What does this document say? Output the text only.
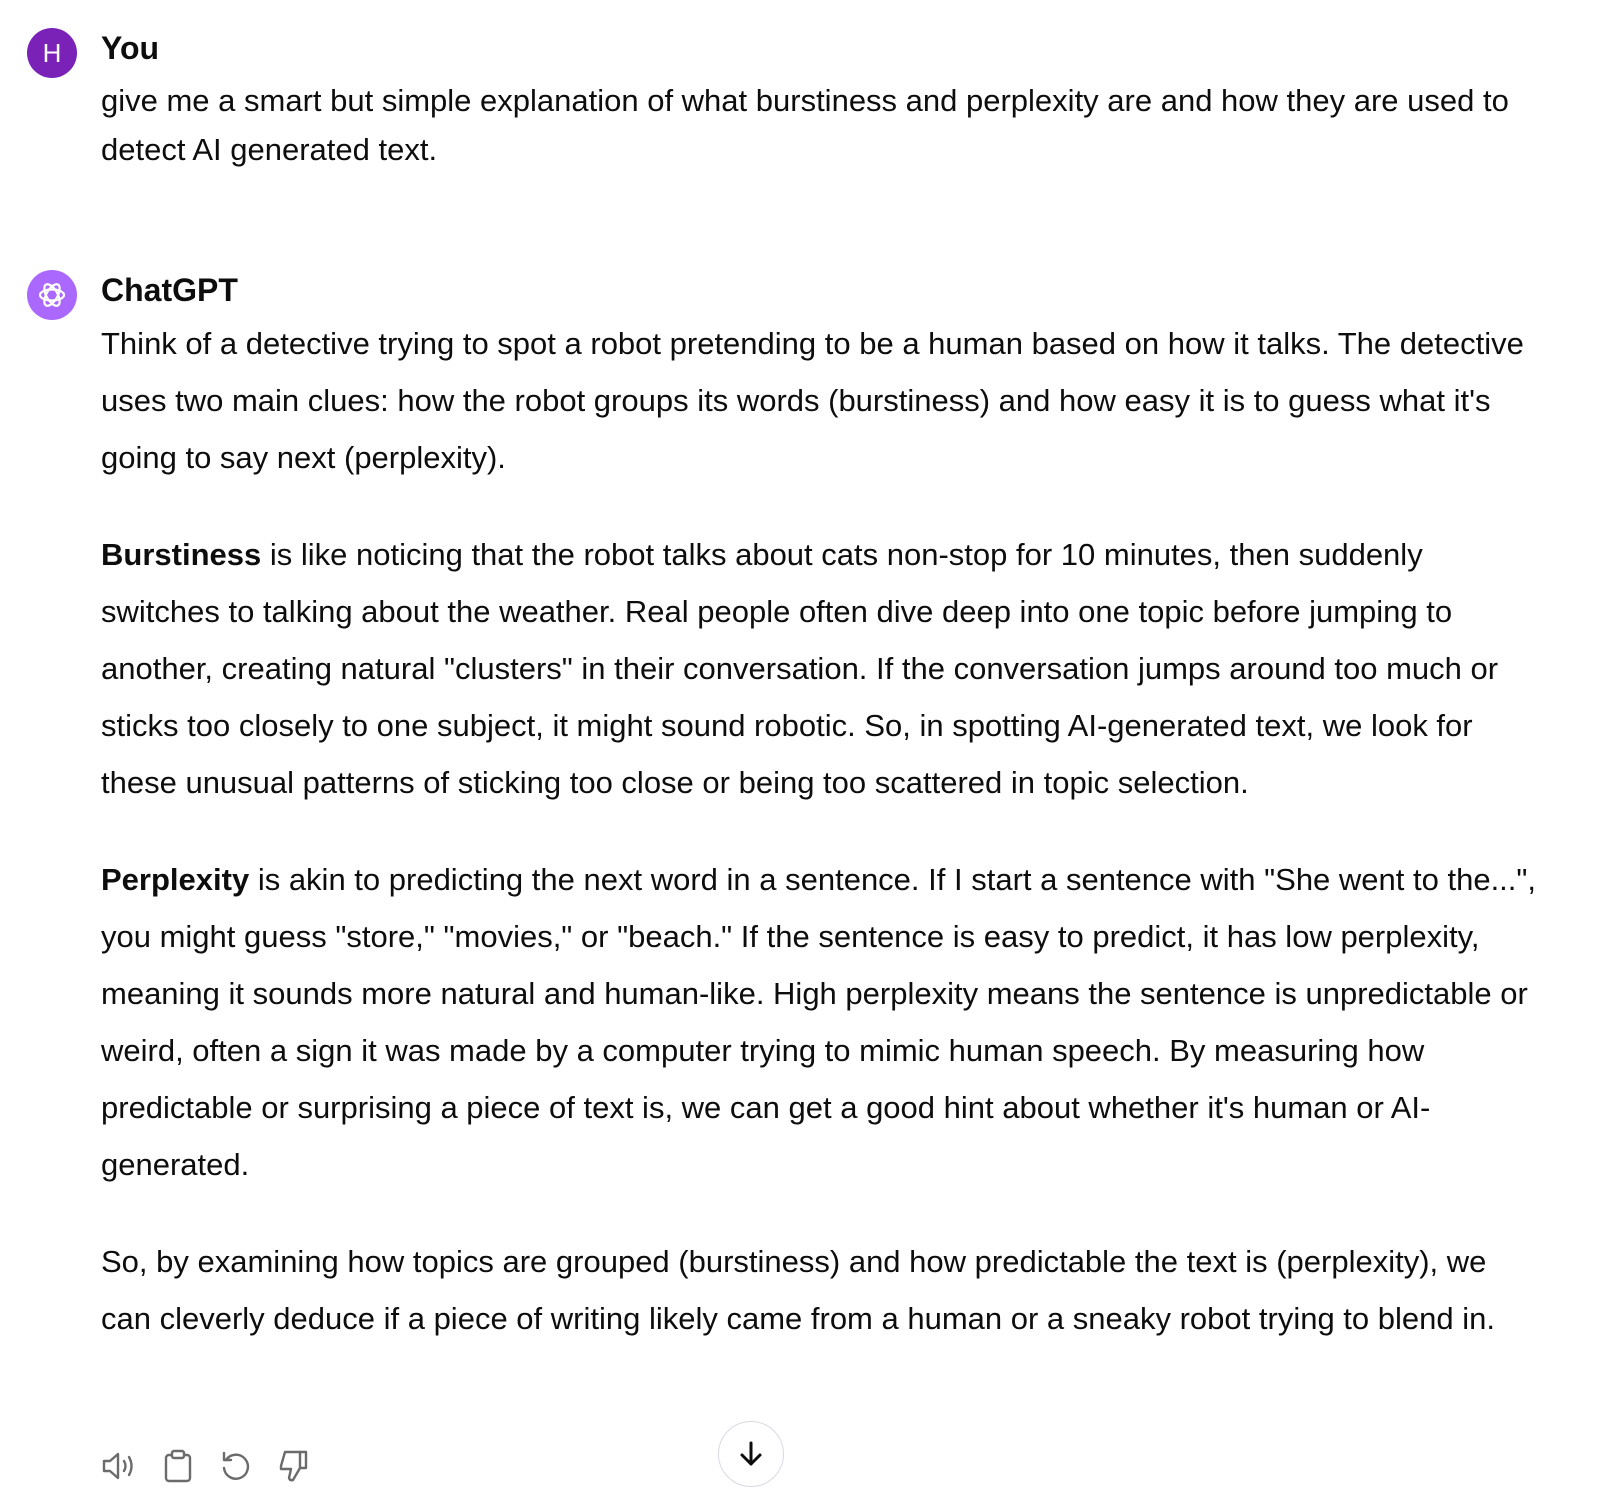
H You
give me a smart but simple explanation of what burstiness and perplexity are and how they are used to detect AI generated text.
ChatGPT

Think of a detective trying to spot a robot pretending to be a human based on how it talks. The detective uses two main clues: how the robot groups its words (burstiness) and how easy it is to guess what it's going to say next (perplexity).

Burstiness is like noticing that the robot talks about cats non-stop for 10 minutes, then suddenly switches to talking about the weather. Real people often dive deep into one topic before jumping to another, creating natural "clusters" in their conversation. If the conversation jumps around too much or sticks too closely to one subject, it might sound robotic. So, in spotting AI-generated text, we look for these unusual patterns of sticking too close or being too scattered in topic selection.

Perplexity is akin to predicting the next word in a sentence. If I start a sentence with "She went to the...", you might guess "store," "movies," or "beach." If the sentence is easy to predict, it has low perplexity, meaning it sounds more natural and human-like. High perplexity means the sentence is unpredictable or weird, often a sign it was made by a computer trying to mimic human speech. By measuring how predictable or surprising a piece of text is, we can get a good hint about whether it's human or AI-generated.

So, by examining how topics are grouped (burstiness) and how predictable the text is (perplexity), we can cleverly deduce if a piece of writing likely came from a human or a sneaky robot trying to blend in.
